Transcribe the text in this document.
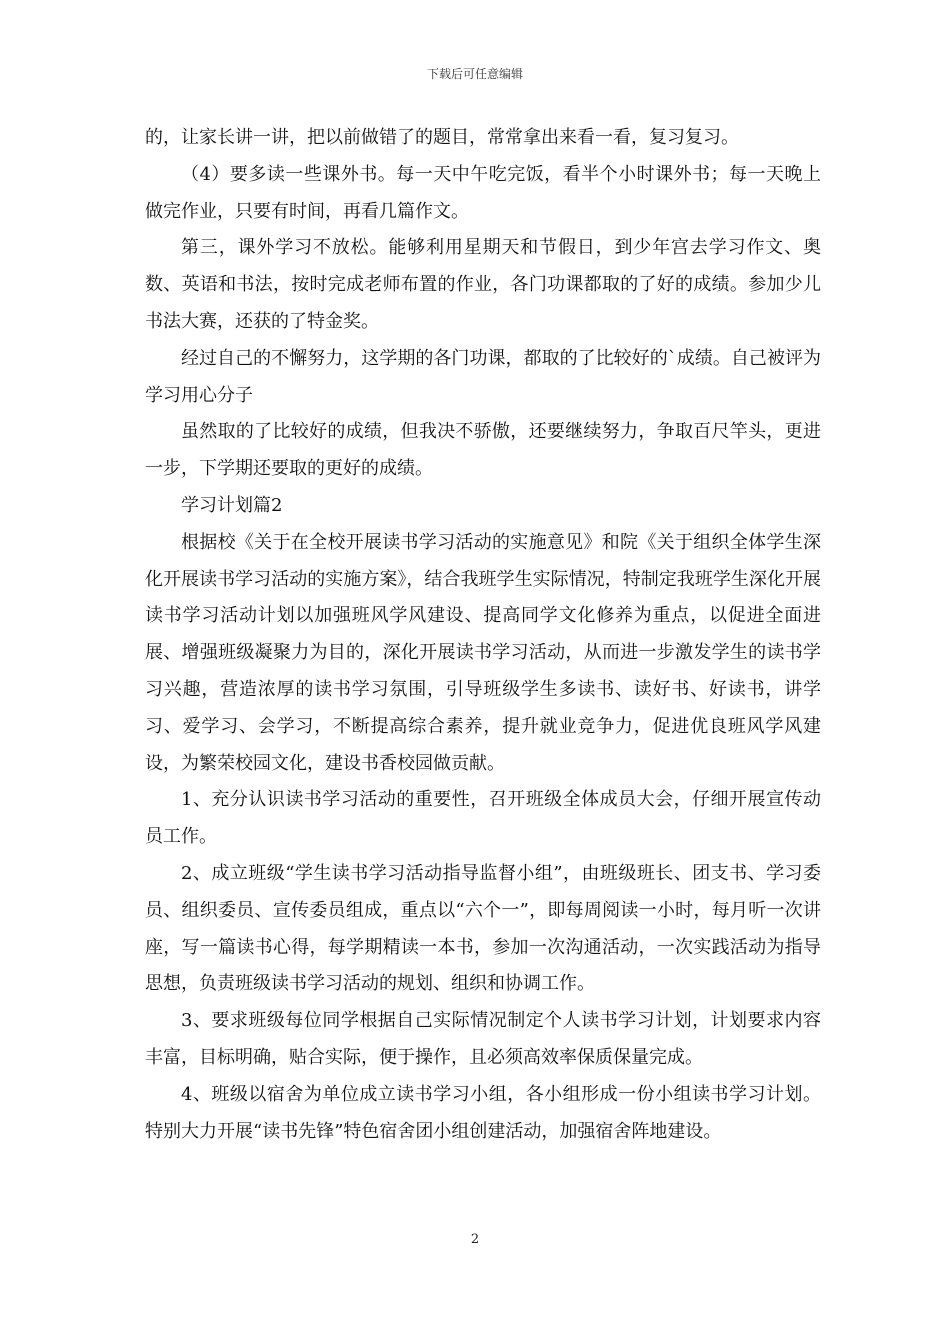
下载后可任意编辑

的，让家长讲一讲，把以前做错了的题目，常常拿出来看一看，复习复习。

（4）要多读一些课外书。每一天中午吃完饭，看半个小时课外书；每一天晚上做完作业，只要有时间，再看几篇作文。

第三，课外学习不放松。能够利用星期天和节假日，到少年宫去学习作文、奥数、英语和书法，按时完成老师布置的作业，各门功课都取的了好的成绩。参加少儿书法大赛，还获的了特金奖。

经过自己的不懈努力，这学期的各门功课，都取的了比较好的`成绩。自己被评为学习用心分子

虽然取的了比较好的成绩，但我决不骄傲，还要继续努力，争取百尺竿头，更进一步，下学期还要取的更好的成绩。

学习计划篇2

根据校《关于在全校开展读书学习活动的实施意见》和院《关于组织全体学生深化开展读书学习活动的实施方案》，结合我班学生实际情况，特制定我班学生深化开展读书学习活动计划以加强班风学风建设、提高同学文化修养为重点，以促进全面进展、增强班级凝聚力为目的，深化开展读书学习活动，从而进一步激发学生的读书学习兴趣，营造浓厚的读书学习氛围，引导班级学生多读书、读好书、好读书，讲学习、爱学习、会学习，不断提高综合素养，提升就业竞争力，促进优良班风学风建设，为繁荣校园文化，建设书香校园做贡献。

1、充分认识读书学习活动的重要性，召开班级全体成员大会，仔细开展宣传动员工作。

2、成立班级“学生读书学习活动指导监督小组”，由班级班长、团支书、学习委员、组织委员、宣传委员组成，重点以“六个一”，即每周阅读一小时，每月听一次讲座，写一篇读书心得，每学期精读一本书，参加一次沟通活动，一次实践活动为指导思想，负责班级读书学习活动的规划、组织和协调工作。

3、要求班级每位同学根据自己实际情况制定个人读书学习计划，计划要求内容丰富，目标明确，贴合实际，便于操作，且必须高效率保质保量完成。

4、班级以宿舍为单位成立读书学习小组，各小组形成一份小组读书学习计划。特别大力开展“读书先锋”特色宿舍团小组创建活动，加强宿舍阵地建设。

2
